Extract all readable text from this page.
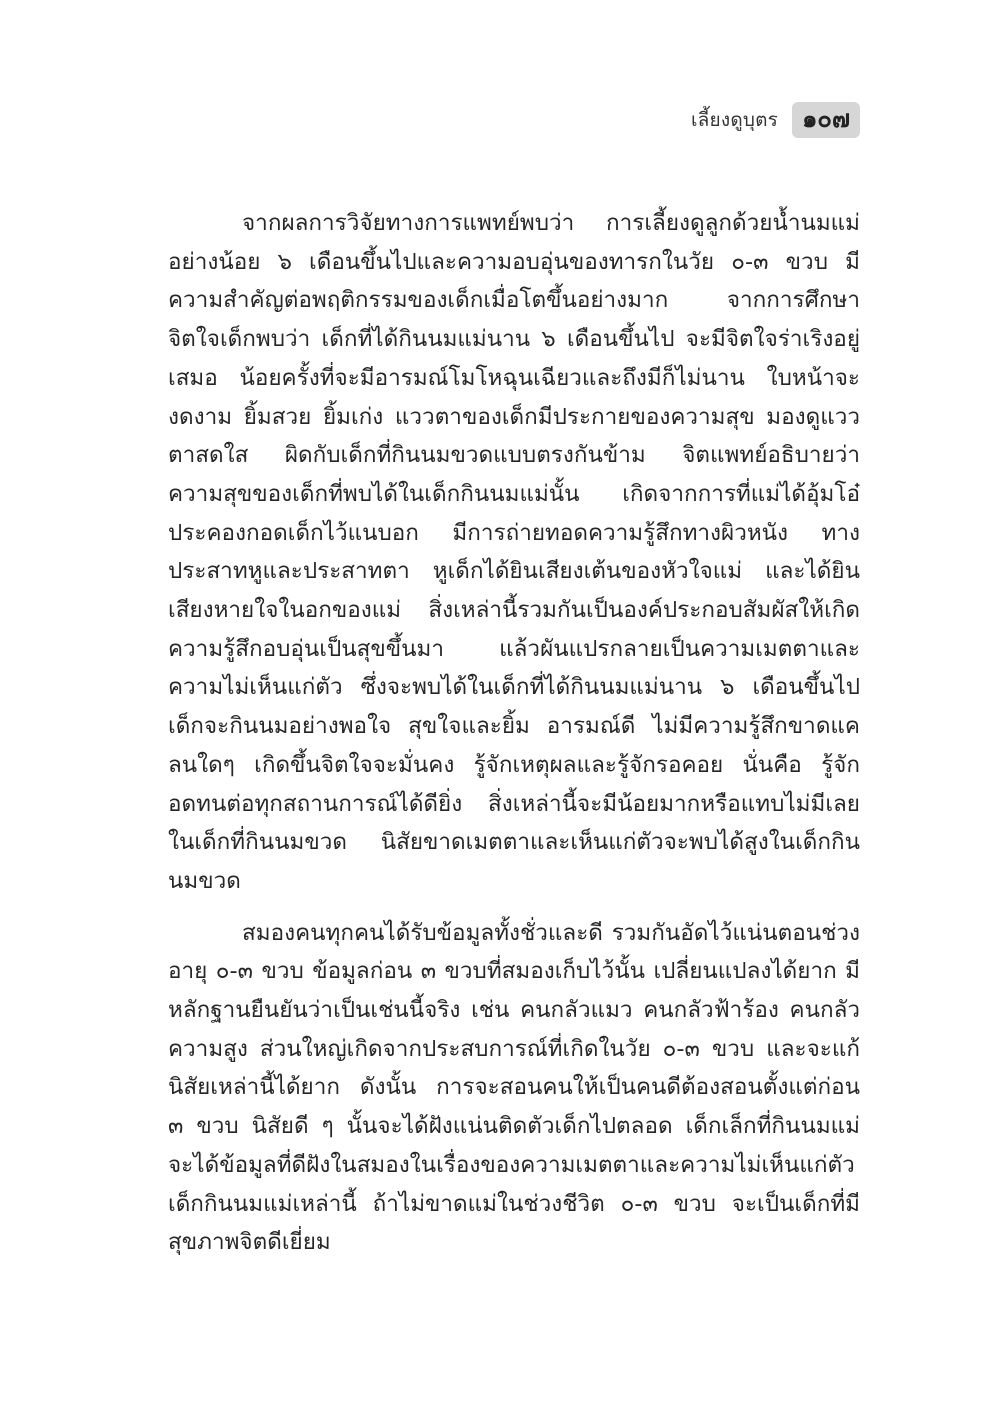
เลี้ยงดูบุตร	๑๐๗

จากผลการวิจัยทางการแพทย์พบว่า การเลี้ยงดูลูกด้วยน้ำนมแม่อย่างน้อย ๖ เดือนขึ้นไปและความอบอุ่นของทารกในวัย ๐-๓ ขวบ มีความสำคัญต่อพฤติกรรมของเด็กเมื่อโตขึ้นอย่างมาก จากการศึกษาจิตใจเด็กพบว่า เด็กที่ได้กินนมแม่นาน ๖ เดือนขึ้นไป จะมีจิตใจร่าเริงอยู่เสมอ น้อยครั้งที่จะมีอารมณ์โมโหฉุนเฉียวและถึงมีก็ไม่นาน ใบหน้าจะงดงาม ยิ้มสวย ยิ้มเก่ง แววตาของเด็กมีประกายของความสุข มองดูแววตาสดใส ผิดกับเด็กที่กินนมขวดแบบตรงกันข้าม จิตแพทย์อธิบายว่า ความสุขของเด็กที่พบได้ในเด็กกินนมแม่นั้น เกิดจากการที่แม่ได้อุ้มโอ๋ประคองกอดเด็กไว้แนบอก มีการถ่ายทอดความรู้สึกทางผิวหนัง ทางประสาทหูและประสาทตา หูเด็กได้ยินเสียงเต้นของหัวใจแม่ และได้ยินเสียงหายใจในอกของแม่ สิ่งเหล่านี้รวมกันเป็นองค์ประกอบสัมผัสให้เกิดความรู้สึกอบอุ่นเป็นสุขขึ้นมา แล้วผันแปรกลายเป็นความเมตตาและความไม่เห็นแก่ตัว ซึ่งจะพบได้ในเด็กที่ได้กินนมแม่นาน ๖ เดือนขึ้นไป เด็กจะกินนมอย่างพอใจ สุขใจและยิ้ม อารมณ์ดี ไม่มีความรู้สึกขาดแคลนใดๆ เกิดขึ้นจิตใจจะมั่นคง รู้จักเหตุผลและรู้จักรอคอย นั่นคือ รู้จักอดทนต่อทุกสถานการณ์ได้ดียิ่ง สิ่งเหล่านี้จะมีน้อยมากหรือแทบไม่มีเลยในเด็กที่กินนมขวด นิสัยขาดเมตตาและเห็นแก่ตัวจะพบได้สูงในเด็กกินนมขวด

สมองคนทุกคนได้รับข้อมูลทั้งชั่วและดี รวมกันอัดไว้แน่นตอนช่วงอายุ ๐-๓ ขวบ ข้อมูลก่อน ๓ ขวบที่สมองเก็บไว้นั้น เปลี่ยนแปลงได้ยาก มีหลักฐานยืนยันว่าเป็นเช่นนี้จริง เช่น คนกลัวแมว คนกลัวฟ้าร้อง คนกลัวความสูง ส่วนใหญ่เกิดจากประสบการณ์ที่เกิดในวัย ๐-๓ ขวบ และจะแก้นิสัยเหล่านี้ได้ยาก ดังนั้น การจะสอนคนให้เป็นคนดีต้องสอนตั้งแต่ก่อน ๓ ขวบ นิสัยดี ๆ นั้นจะได้ฝังแน่นติดตัวเด็กไปตลอด เด็กเล็กที่กินนมแม่จะได้ข้อมูลที่ดีฝังในสมองในเรื่องของความเมตตาและความไม่เห็นแก่ตัว เด็กกินนมแม่เหล่านี้ ถ้าไม่ขาดแม่ในช่วงชีวิต ๐-๓ ขวบ จะเป็นเด็กที่มีสุขภาพจิตดีเยี่ยม
